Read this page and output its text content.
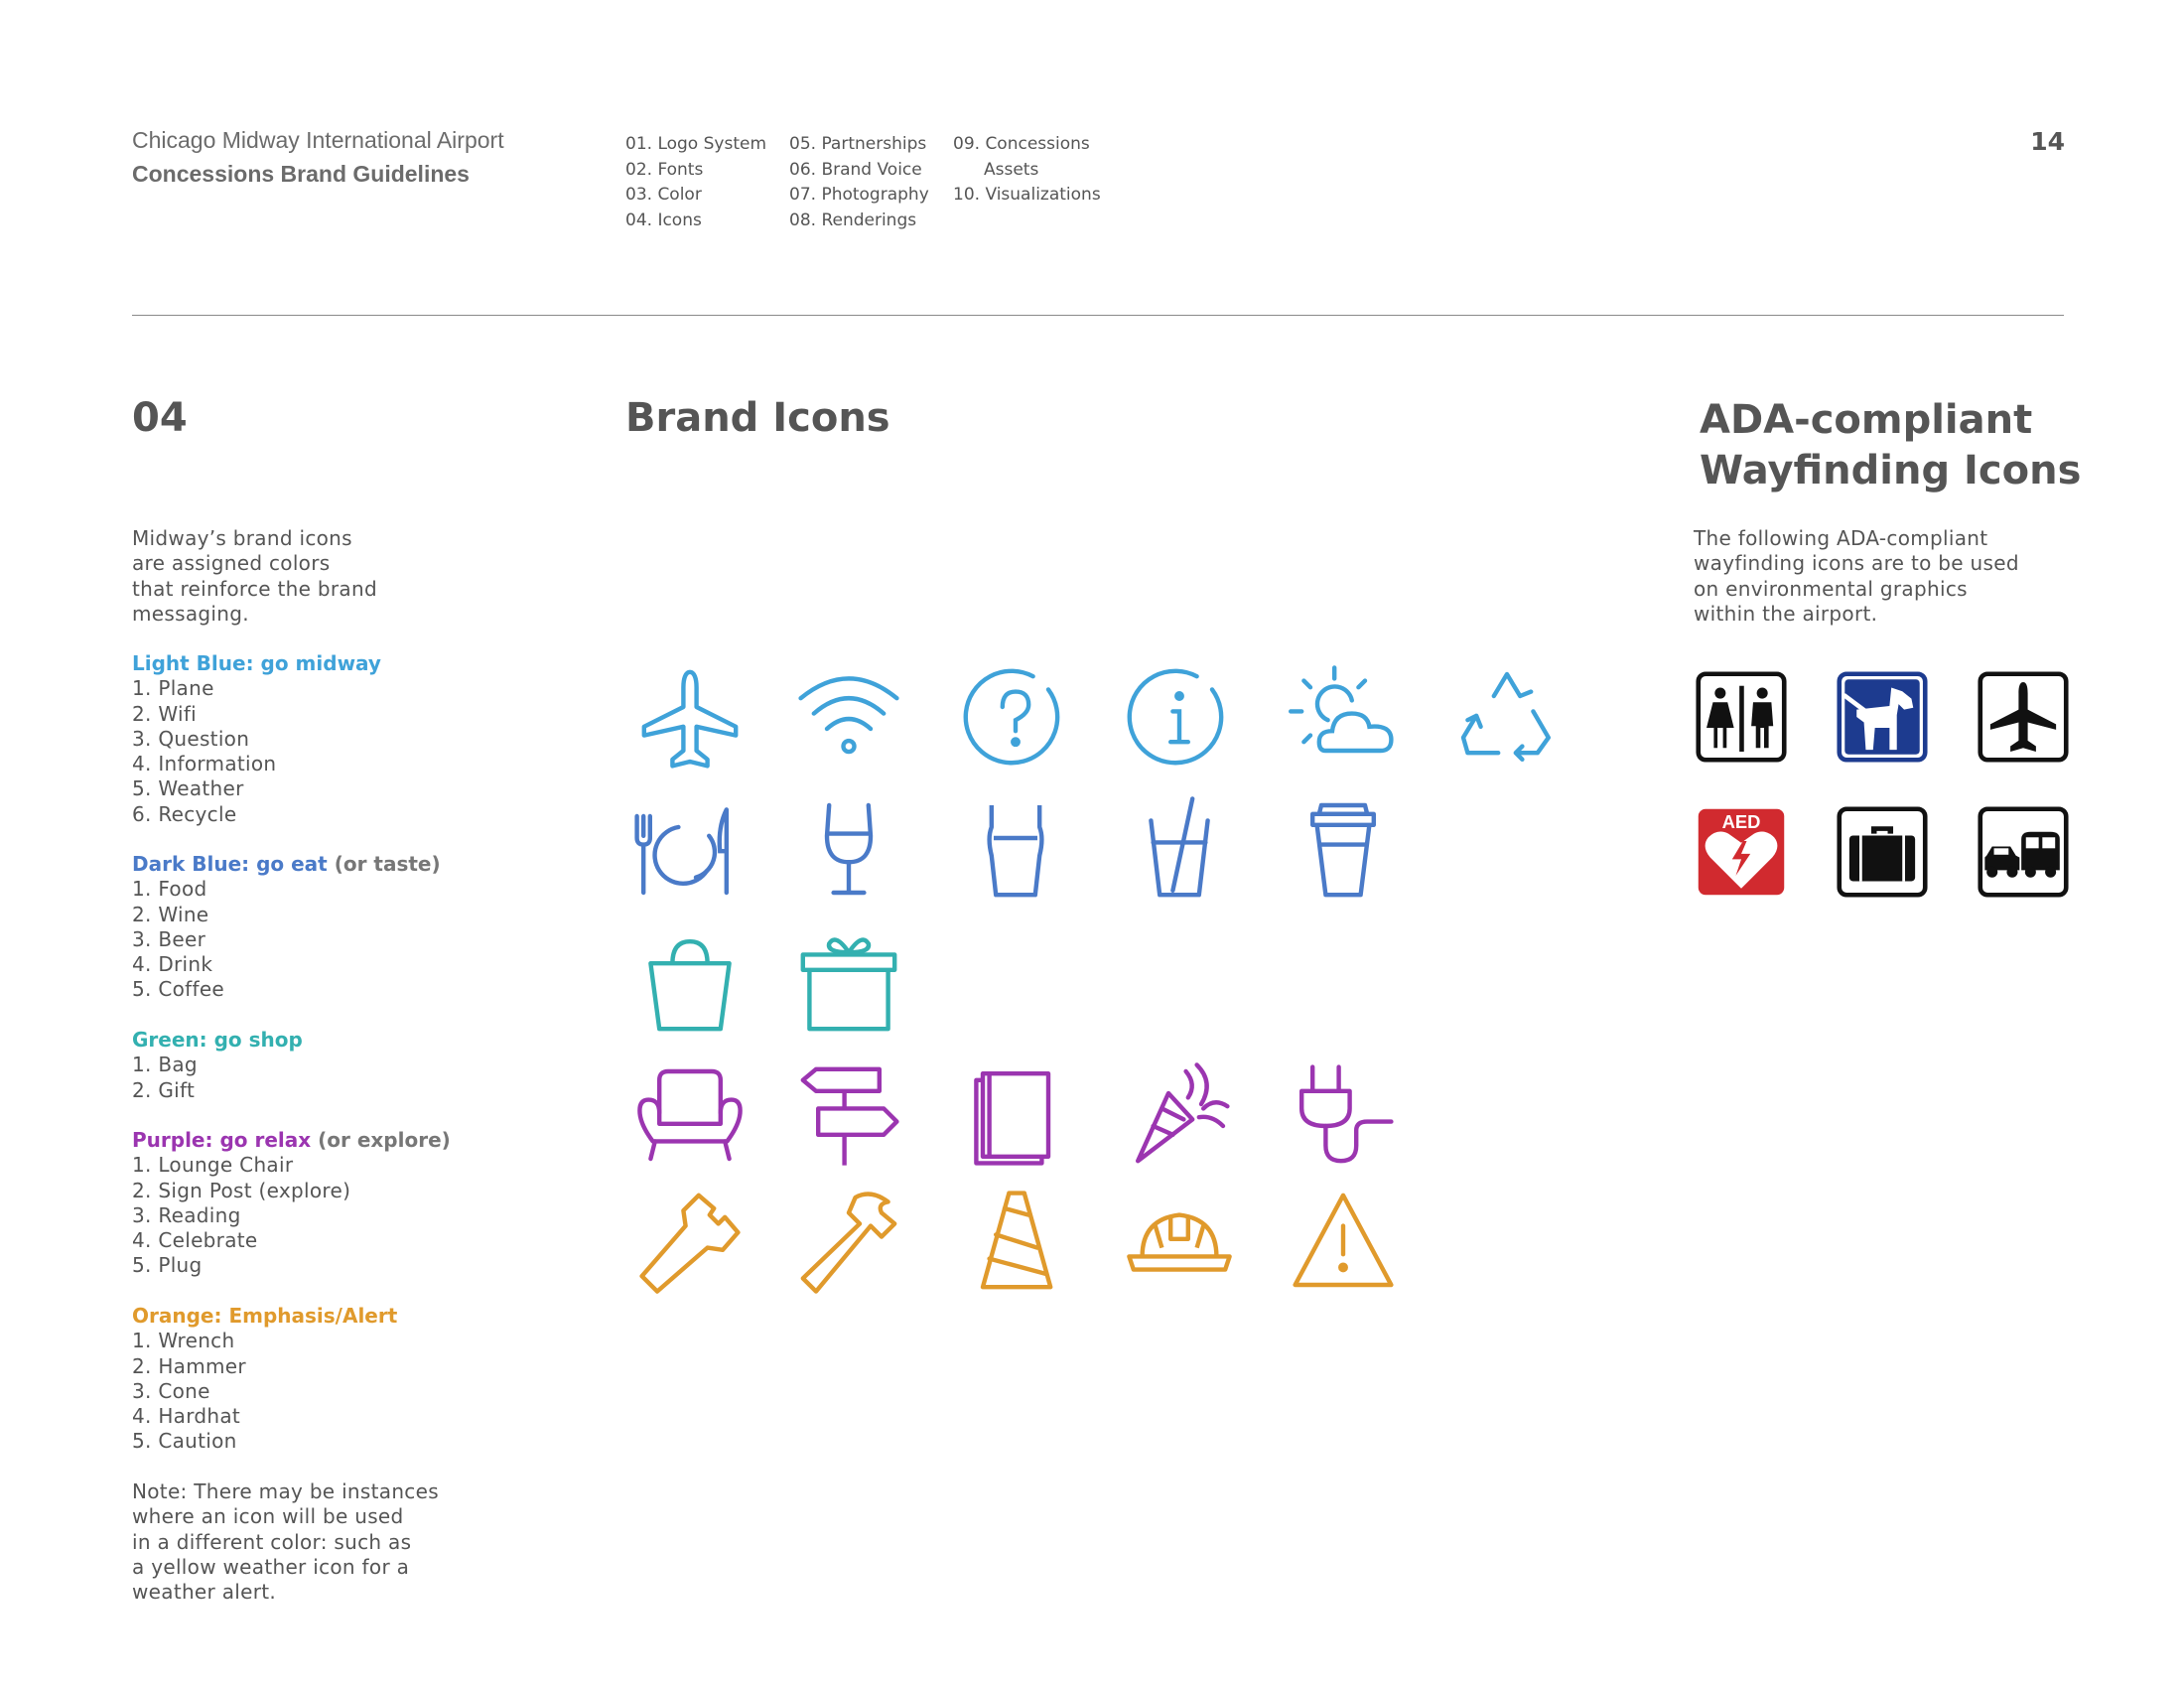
Chicago Midway International Airport
Concessions Brand Guidelines
01. Logo System
02. Fonts
03. Color
04. Icons
05. Partnerships
06. Brand Voice
07. Photography
08. Renderings
09. Concessions
Assets
10. Visualizations
14
04	Brand Icons	ADA-compliant
Wayfinding Icons
Midway’s brand icons
are assigned colors
that reinforce the brand
messaging.
Light Blue: go midway
1. Plane
2. Wifi
3. Question
4. Information
5. Weather
6. Recycle
Dark Blue: go eat (or taste)
1. Food
2. Wine
3. Beer
4. Drink
5. Coffee
Green: go shop
1. Bag
2. Gift
Purple: go relax (or explore)
1. Lounge Chair
2. Sign Post (explore)
3. Reading
4. Celebrate
5. Plug
Orange: Emphasis/Alert
1. Wrench
2. Hammer
3. Cone
4. Hardhat
5. Caution
Note: There may be instances
where an icon will be used
in a different color: such as
a yellow weather icon for a
weather alert.
The following ADA-compliant
wayfinding icons are to be used
on environmental graphics
within the airport.
AED
